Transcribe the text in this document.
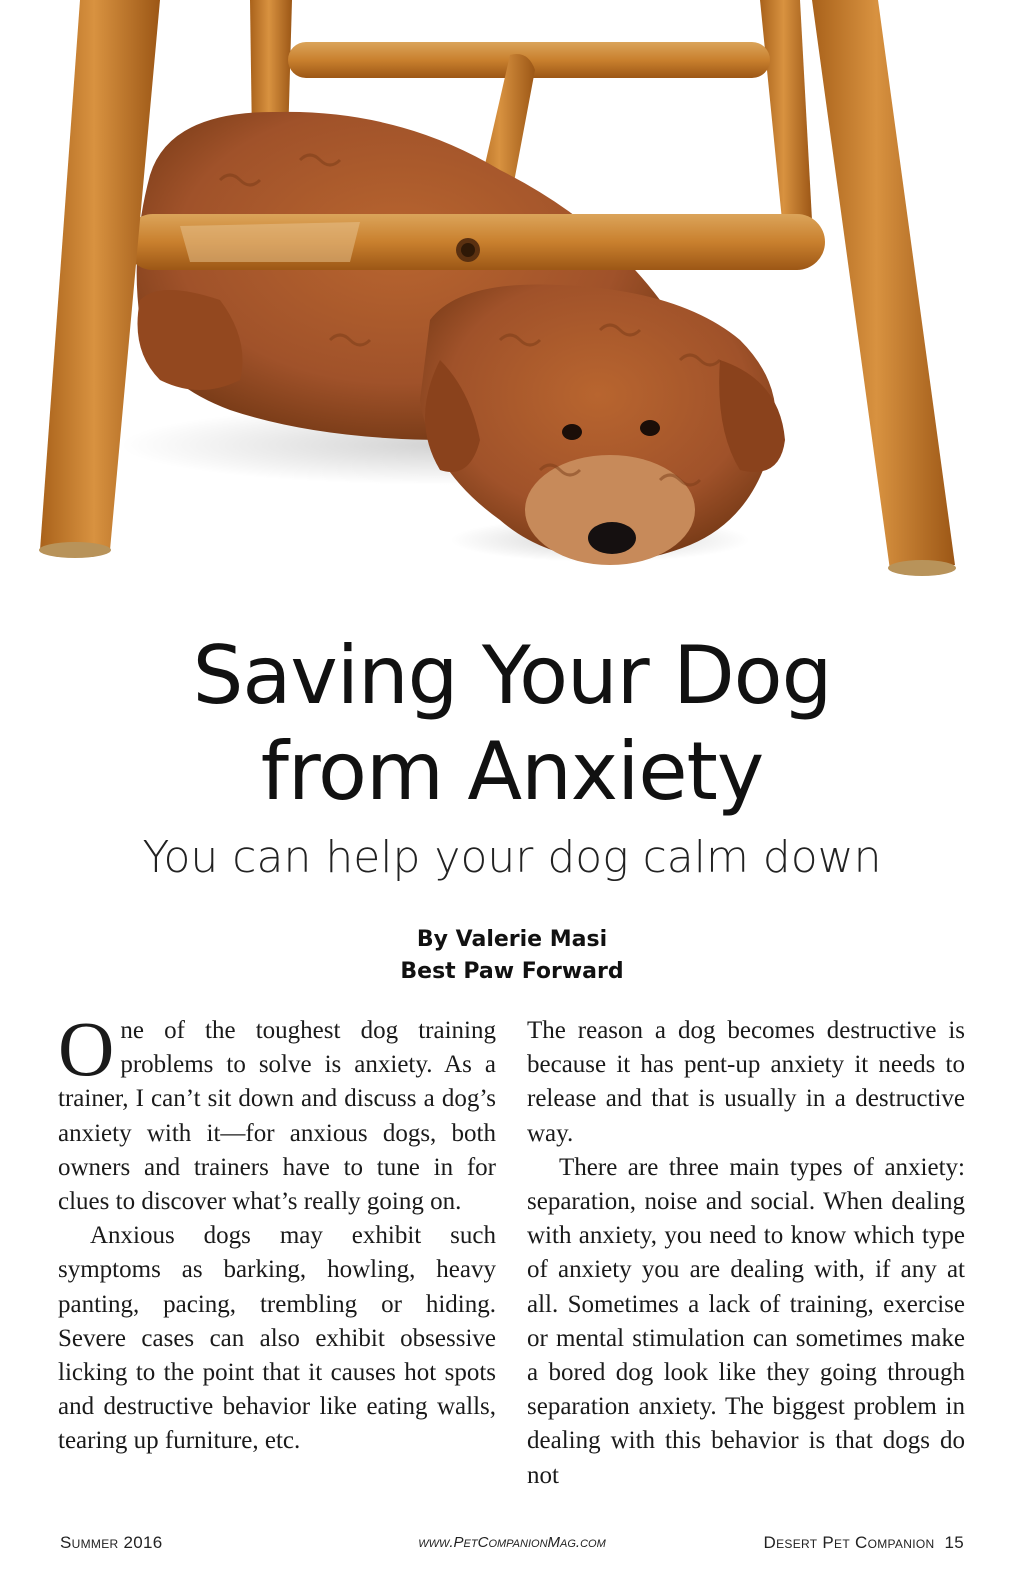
Saving Your Dog
from Anxiety
You can help your dog calm down
By Valerie Masi
Best Paw Forward

One of the toughest dog training problems to solve is anxiety. As a trainer, I can’t sit down and discuss a dog’s anxiety with it—for anxious dogs, both owners and trainers have to tune in for clues to discover what’s really going on.

Anxious dogs may exhibit such symptoms as barking, howling, heavy panting, pacing, trembling or hiding. Severe cases can also exhibit obsessive licking to the point that it causes hot spots and destructive behavior like eating walls, tearing up furniture, etc.

The reason a dog becomes destructive is because it has pent-up anxiety it needs to release and that is usually in a destructive way.

There are three main types of anxiety: separation, noise and social. When dealing with anxiety, you need to know which type of anxiety you are dealing with, if any at all. Sometimes a lack of training, exercise or mental stimulation can sometimes make a bored dog look like they going through separation anxiety. The biggest problem in dealing with this behavior is that dogs do not

Summer 2016	www.PetCompanionMag.com	Desert Pet Companion 15
